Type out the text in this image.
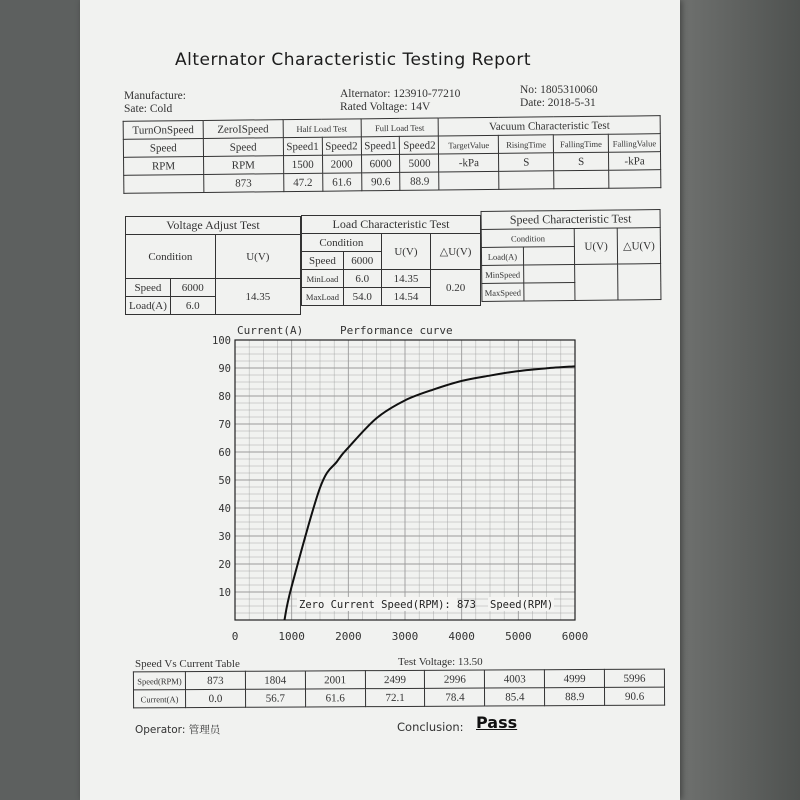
Alternator Characteristic Testing Report
Manufacture:
Sate: Cold
Alternator: 123910-77210
Rated Voltage: 14V
No: 1805310060
Date: 2018-5-31
TurnOnSpeed	ZeroISpeed	Half Load Test		Full Load Test		Vacuum Characteristic Test			
Speed	Speed	Speed1	Speed2	Speed1	Speed2	TargetValue	RisingTime	FallingTime	FallingValue
RPM	RPM	1500	2000	6000	5000	-kPa	S	S	-kPa
	873	47.2	61.6	90.6	88.9				
Voltage Adjust Test		
Condition		U(V)
Speed	6000	14.35
Load(A)	6.0	
Load Characteristic Test			
Condition		U(V)	△U(V)
Speed	6000		
MinLoad	6.0	14.35	0.20
MaxLoad	54.0	14.54	
Speed Characteristic Test			
Condition		U(V)	△U(V)
Load(A)			
MinSpeed			
MaxSpeed			
0	1000	2000	3000	4000	5000	6000
10
20
30
40
50
60
70
80
90
100
Current(A)	Performance curve
Zero Current Speed(RPM): 873 Speed(RPM)
Speed Vs Current Table	Test Voltage: 13.50
Speed(RPM)	873	1804	2001	2499	2996	4003	4999	5996
Current(A)	0.0	56.7	61.6	72.1	78.4	85.4	88.9	90.6
Operator: 管理员	Conclusion: Pass
